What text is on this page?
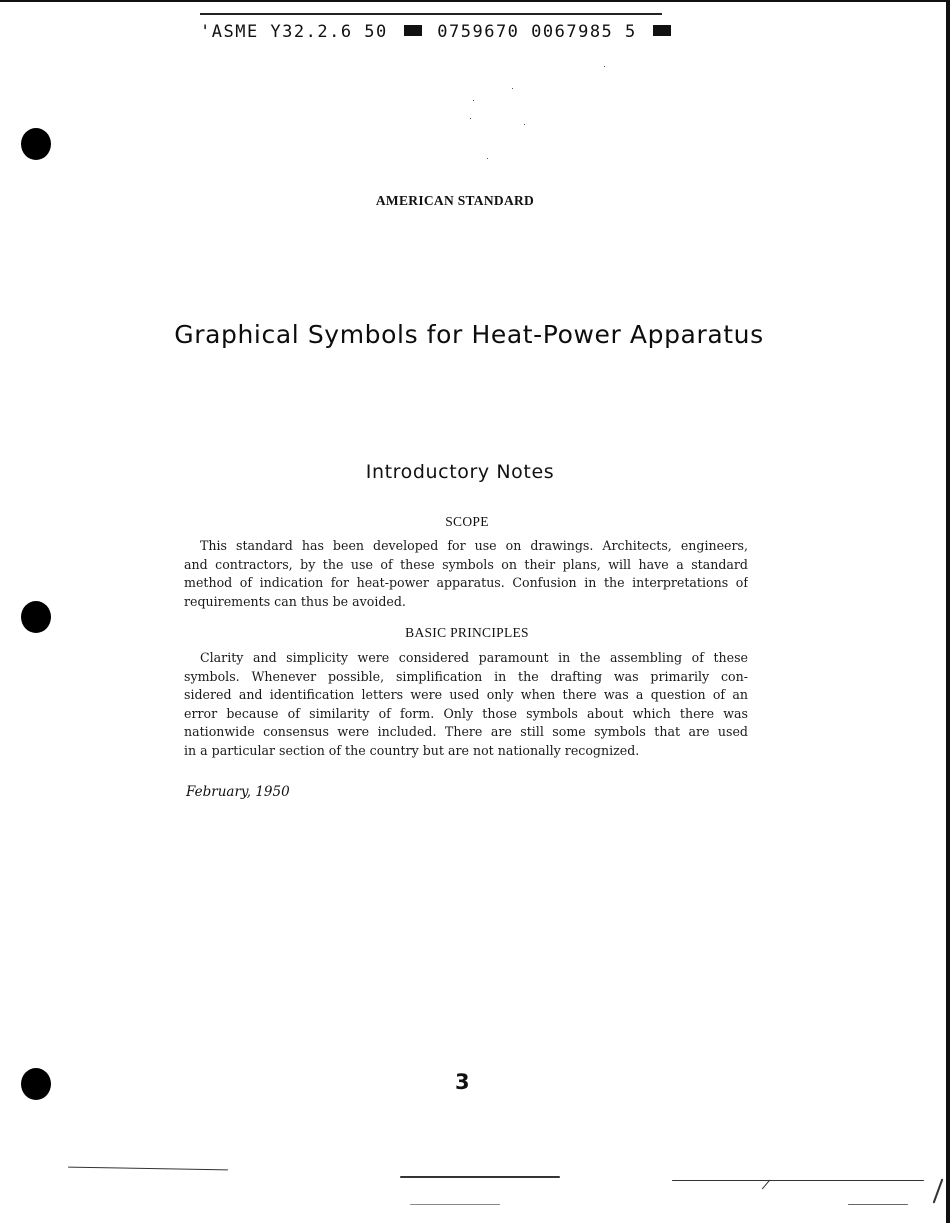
'ASME Y32.2.6 50	0759670 0067985 5
AMERICAN STANDARD
Graphical Symbols for Heat-Power Apparatus
Introductory Notes
SCOPE
This standard has been developed for use on drawings. Architects, engineers,
and contractors, by the use of these symbols on their plans, will have a standard
method of indication for heat-power apparatus. Confusion in the interpretations of
requirements can thus be avoided.
BASIC PRINCIPLES
Clarity and simplicity were considered paramount in the assembling of these
symbols. Whenever possible, simplification in the drafting was primarily con-
sidered and identification letters were used only when there was a question of an
error because of similarity of form. Only those symbols about which there was
nationwide consensus were included. There are still some symbols that are used
in a particular section of the country but are not nationally recognized.
February, 1950
3
